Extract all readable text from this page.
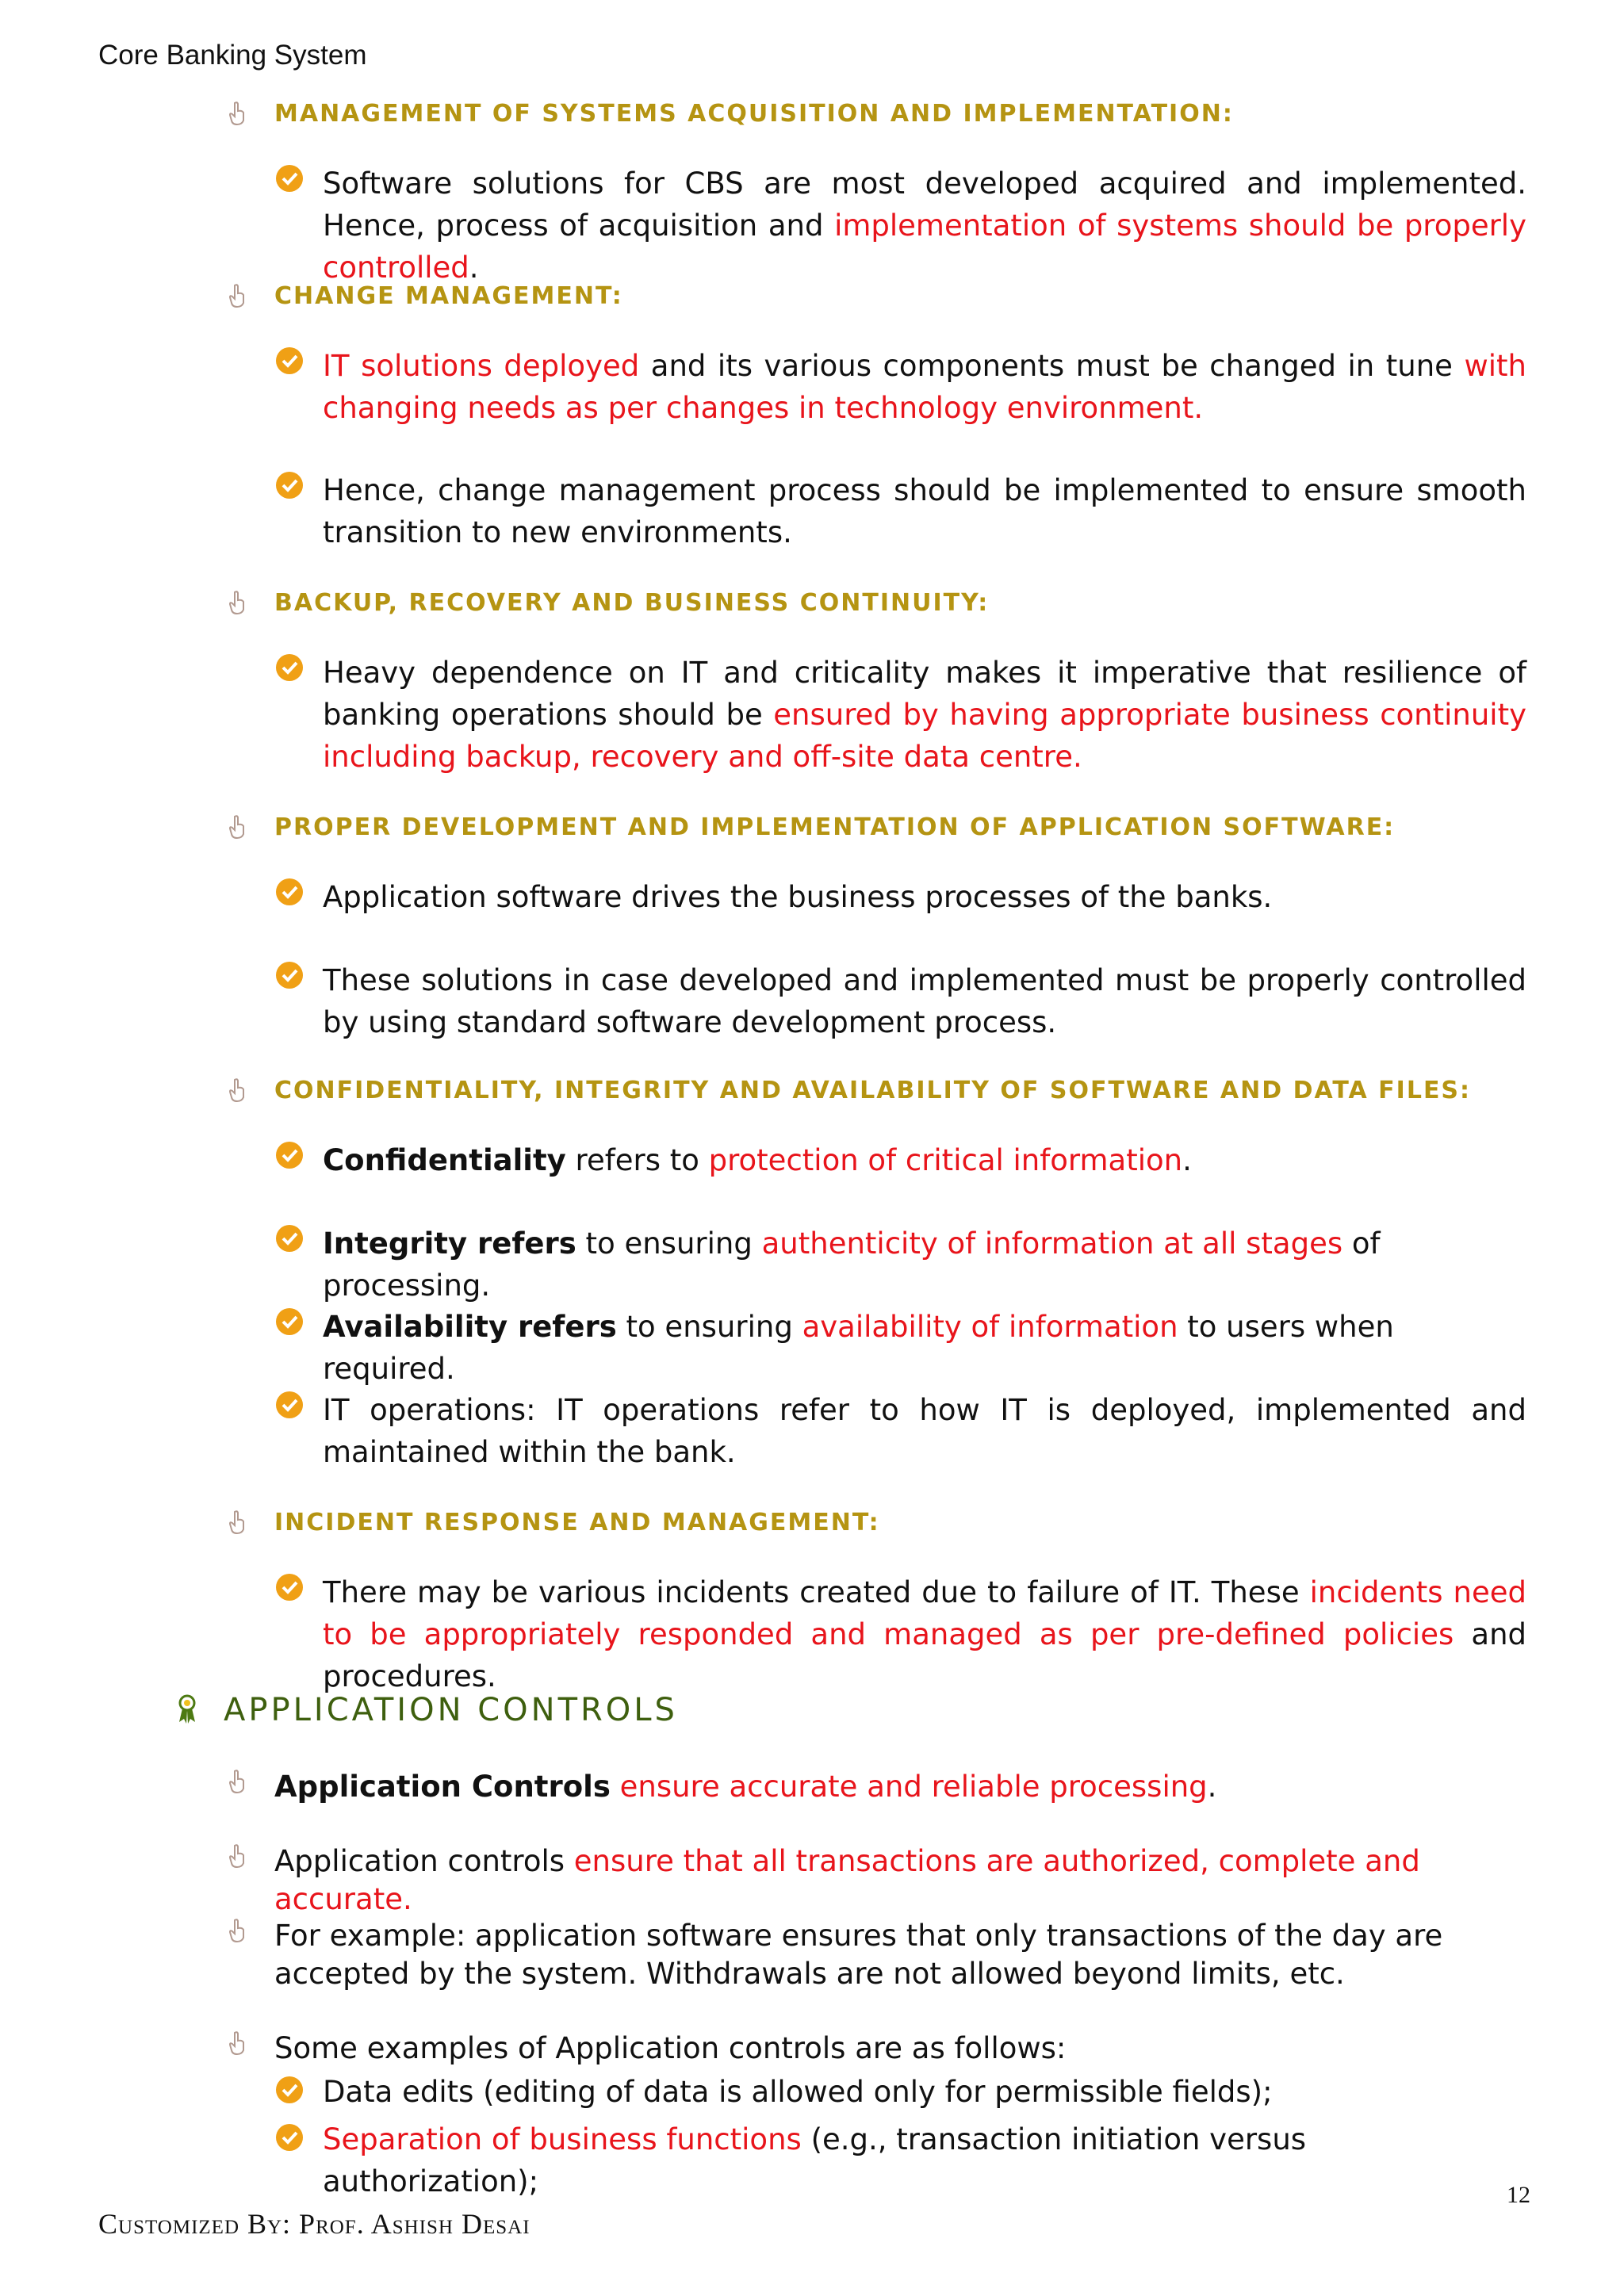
Core Banking System
MANAGEMENT OF SYSTEMS ACQUISITION AND IMPLEMENTATION:
Software solutions for CBS are most developed acquired and implemented. Hence, process of acquisition and implementation of systems should be properly controlled.
CHANGE MANAGEMENT:
IT solutions deployed and its various components must be changed in tune with changing needs as per changes in technology environment.
Hence, change management process should be implemented to ensure smooth transition to new environments.
BACKUP, RECOVERY AND BUSINESS CONTINUITY:
Heavy dependence on IT and criticality makes it imperative that resilience of banking operations should be ensured by having appropriate business continuity including backup, recovery and off-site data centre.
PROPER DEVELOPMENT AND IMPLEMENTATION OF APPLICATION SOFTWARE:
Application software drives the business processes of the banks.
These solutions in case developed and implemented must be properly controlled by using standard software development process.
CONFIDENTIALITY, INTEGRITY AND AVAILABILITY OF SOFTWARE AND DATA FILES:
Confidentiality refers to protection of critical information.
Integrity refers to ensuring authenticity of information at all stages of processing.
Availability refers to ensuring availability of information to users when required.
IT operations: IT operations refer to how IT is deployed, implemented and maintained within the bank.
INCIDENT RESPONSE AND MANAGEMENT:
There may be various incidents created due to failure of IT. These incidents need to be appropriately responded and managed as per pre-defined policies and procedures.
APPLICATION CONTROLS
Application Controls ensure accurate and reliable processing.
Application controls ensure that all transactions are authorized, complete and accurate.
For example: application software ensures that only transactions of the day are accepted by the system. Withdrawals are not allowed beyond limits, etc.
Some examples of Application controls are as follows:
Data edits (editing of data is allowed only for permissible fields);
Separation of business functions (e.g., transaction initiation versus authorization);	12
Customized By: Prof. Ashish Desai
